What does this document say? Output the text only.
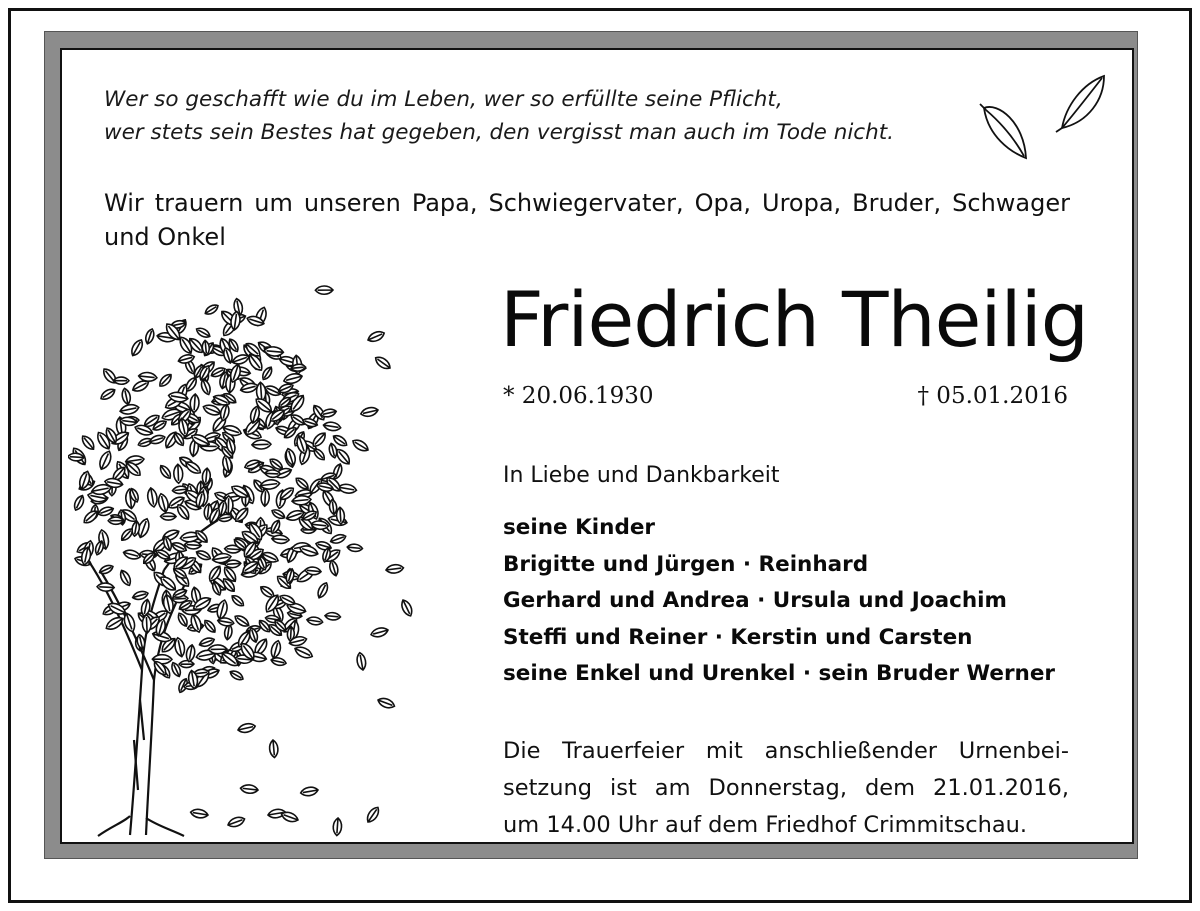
Wer so geschafft wie du im Leben, wer so erfüllte seine Pflicht,
wer stets sein Bestes hat gegeben, den vergisst man auch im Tode nicht.
Wir trauern um unseren Papa, Schwiegervater, Opa, Uropa, Bruder, Schwager und Onkel
Friedrich Theilig
* 20.06.1930	† 05.01.2016
In Liebe und Dankbarkeit
seine Kinder
Brigitte und Jürgen · Reinhard
Gerhard und Andrea · Ursula und Joachim
Steffi und Reiner · Kerstin und Carsten
seine Enkel und Urenkel · sein Bruder Werner
Die Trauerfeier mit anschließender Urnenbei-
setzung ist am Donnerstag, dem 21.01.2016,
um 14.00 Uhr auf dem Friedhof Crimmitschau.
